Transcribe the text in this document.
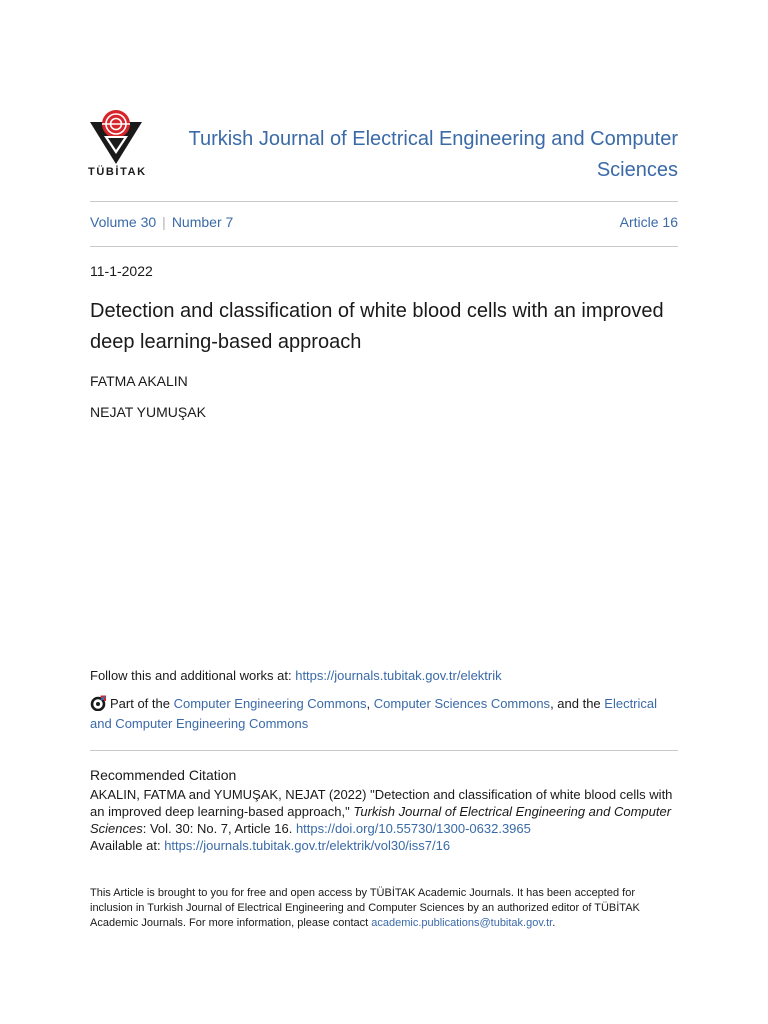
TÜBİTAK
Turkish Journal of Electrical Engineering and Computer Sciences
Volume 30 | Number 7	Article 16
11-1-2022
Detection and classification of white blood cells with an improved deep learning-based approach
FATMA AKALIN
NEJAT YUMUŞAK
Follow this and additional works at: https://journals.tubitak.gov.tr/elektrik
Part of the Computer Engineering Commons, Computer Sciences Commons, and the Electrical and Computer Engineering Commons
Recommended Citation
AKALIN, FATMA and YUMUŞAK, NEJAT (2022) "Detection and classification of white blood cells with an improved deep learning-based approach," Turkish Journal of Electrical Engineering and Computer Sciences: Vol. 30: No. 7, Article 16. https://doi.org/10.55730/1300-0632.3965
Available at: https://journals.tubitak.gov.tr/elektrik/vol30/iss7/16
This Article is brought to you for free and open access by TÜBİTAK Academic Journals. It has been accepted for inclusion in Turkish Journal of Electrical Engineering and Computer Sciences by an authorized editor of TÜBİTAK Academic Journals. For more information, please contact academic.publications@tubitak.gov.tr.
